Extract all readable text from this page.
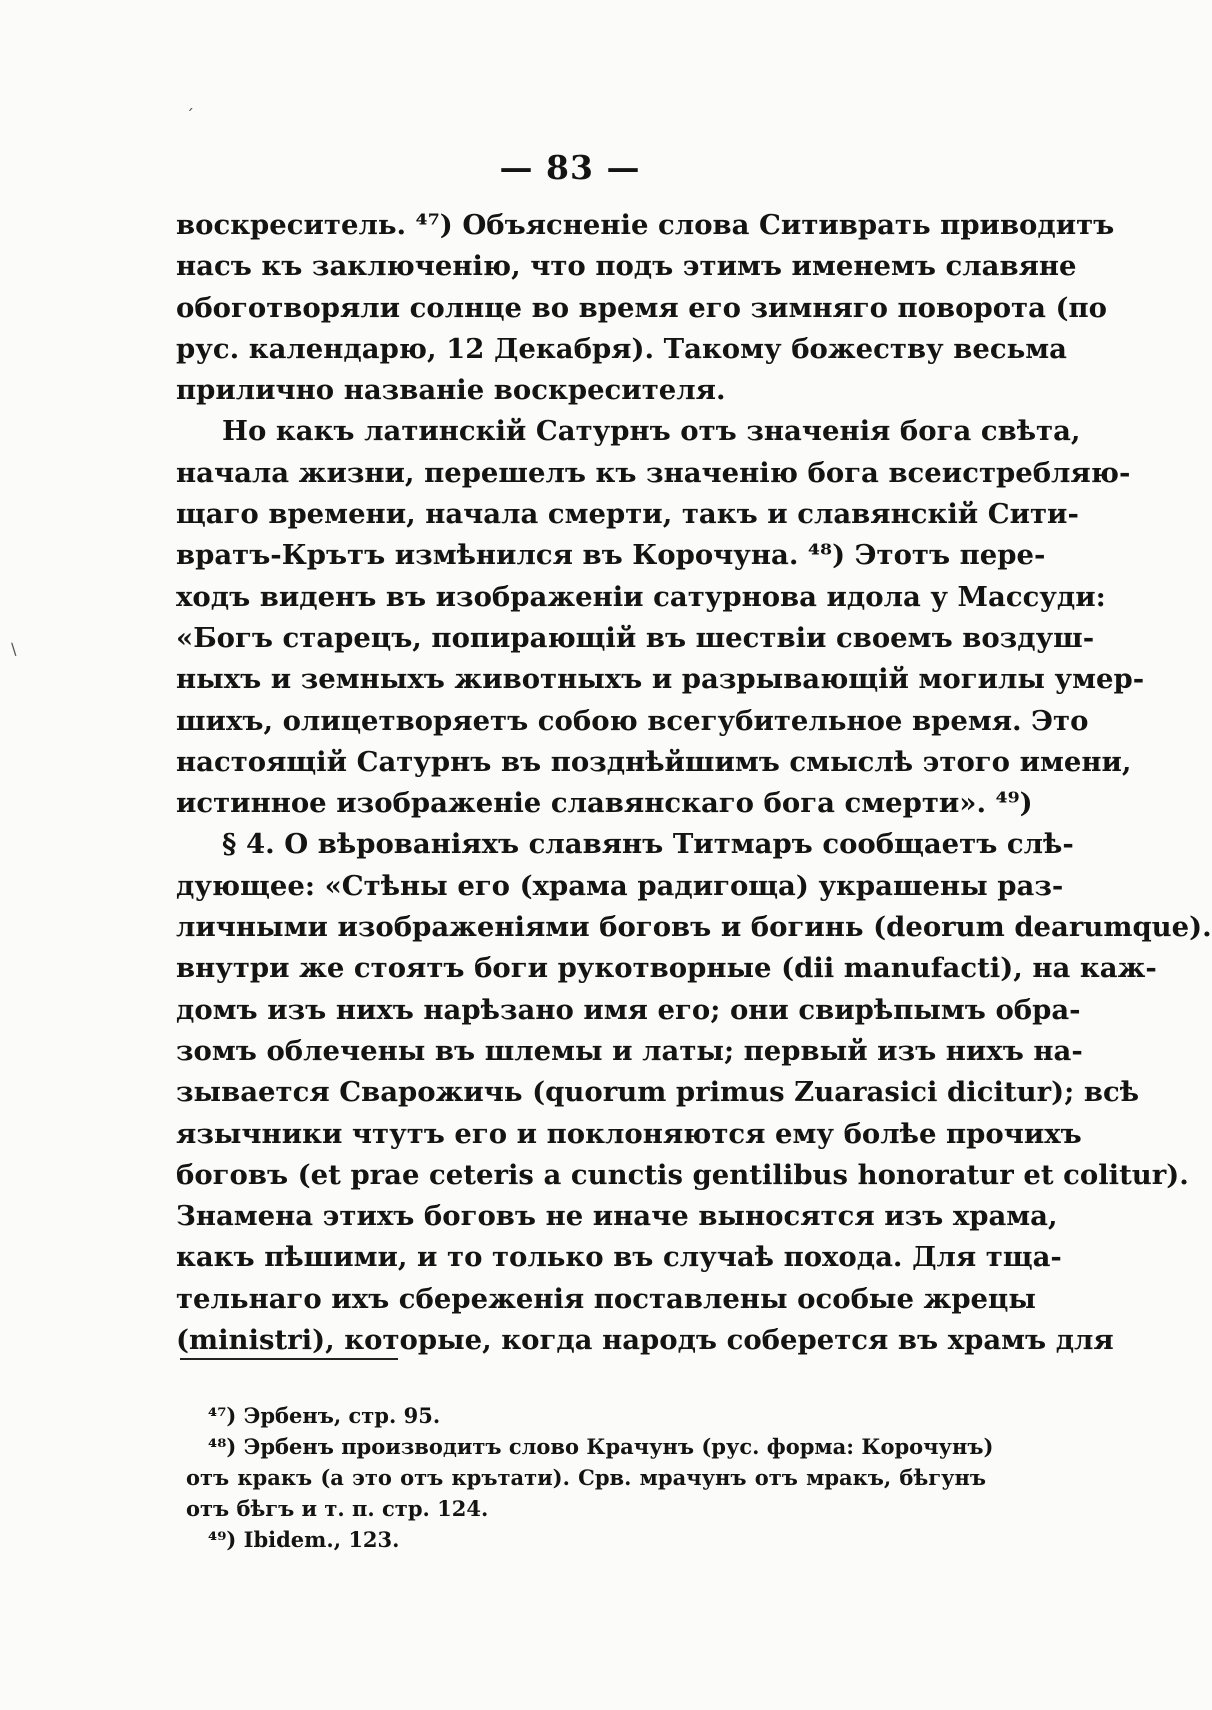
— 83 —
воскреситель. ⁴⁷) Объясненіе слова Ситиврать приводитъ
насъ къ заключенію, что подъ этимъ именемъ славяне
обоготворяли солнце во время его зимняго поворота (по
рус. календарю, 12 Декабря). Такому божеству весьма
прилично названіе воскресителя.
Но какъ латинскій Сатурнъ отъ значенія бога свѣта,
начала жизни, перешелъ къ значенію бога всеистребляю-
щаго времени, начала смерти, такъ и славянскій Сити-
вратъ-Крътъ измѣнился въ Корочуна. ⁴⁸) Этотъ пере-
ходъ виденъ въ изображеніи сатурнова идола у Массуди:
«Богъ старецъ, попирающій въ шествіи своемъ воздуш-
ныхъ и земныхъ животныхъ и разрывающій могилы умер-
шихъ, олицетворяетъ собою всегубительное время. Это
настоящій Сатурнъ въ позднѣйшимъ смыслѣ этого имени,
истинное изображеніе славянскаго бога смерти». ⁴⁹)
§ 4. О вѣрованіяхъ славянъ Титмаръ сообщаетъ слѣ-
дующее: «Стѣны его (храма радигоща) украшены раз-
личными изображеніями боговъ и богинь (deorum dearumque).
внутри же стоятъ боги рукотворные (dii manufacti), на каж-
домъ изъ нихъ нарѣзано имя его; они свирѣпымъ обра-
зомъ облечены въ шлемы и латы; первый изъ нихъ на-
зывается Сварожичь (quorum primus Zuarasici dicitur); всѣ
язычники чтутъ его и поклоняются ему болѣе прочихъ
боговъ (et prae ceteris a cunctis gentilibus honoratur et colitur).
Знамена этихъ боговъ не иначе выносятся изъ храма,
какъ пѣшими, и то только въ случаѣ похода. Для тща-
тельнаго ихъ сбереженія поставлены особые жрецы
(ministri), которые, когда народъ соберется въ храмъ для
⁴⁷) Эрбенъ, стр. 95.
⁴⁸) Эрбенъ производитъ слово Крачунъ (рус. форма: Корочунъ)
отъ кракъ (а это отъ крътати). Срв. мрачунъ отъ мракъ, бѣгунъ
отъ бѣгъ и т. п. стр. 124.
⁴⁹) Ibidem., 123.
ˏ
∖
